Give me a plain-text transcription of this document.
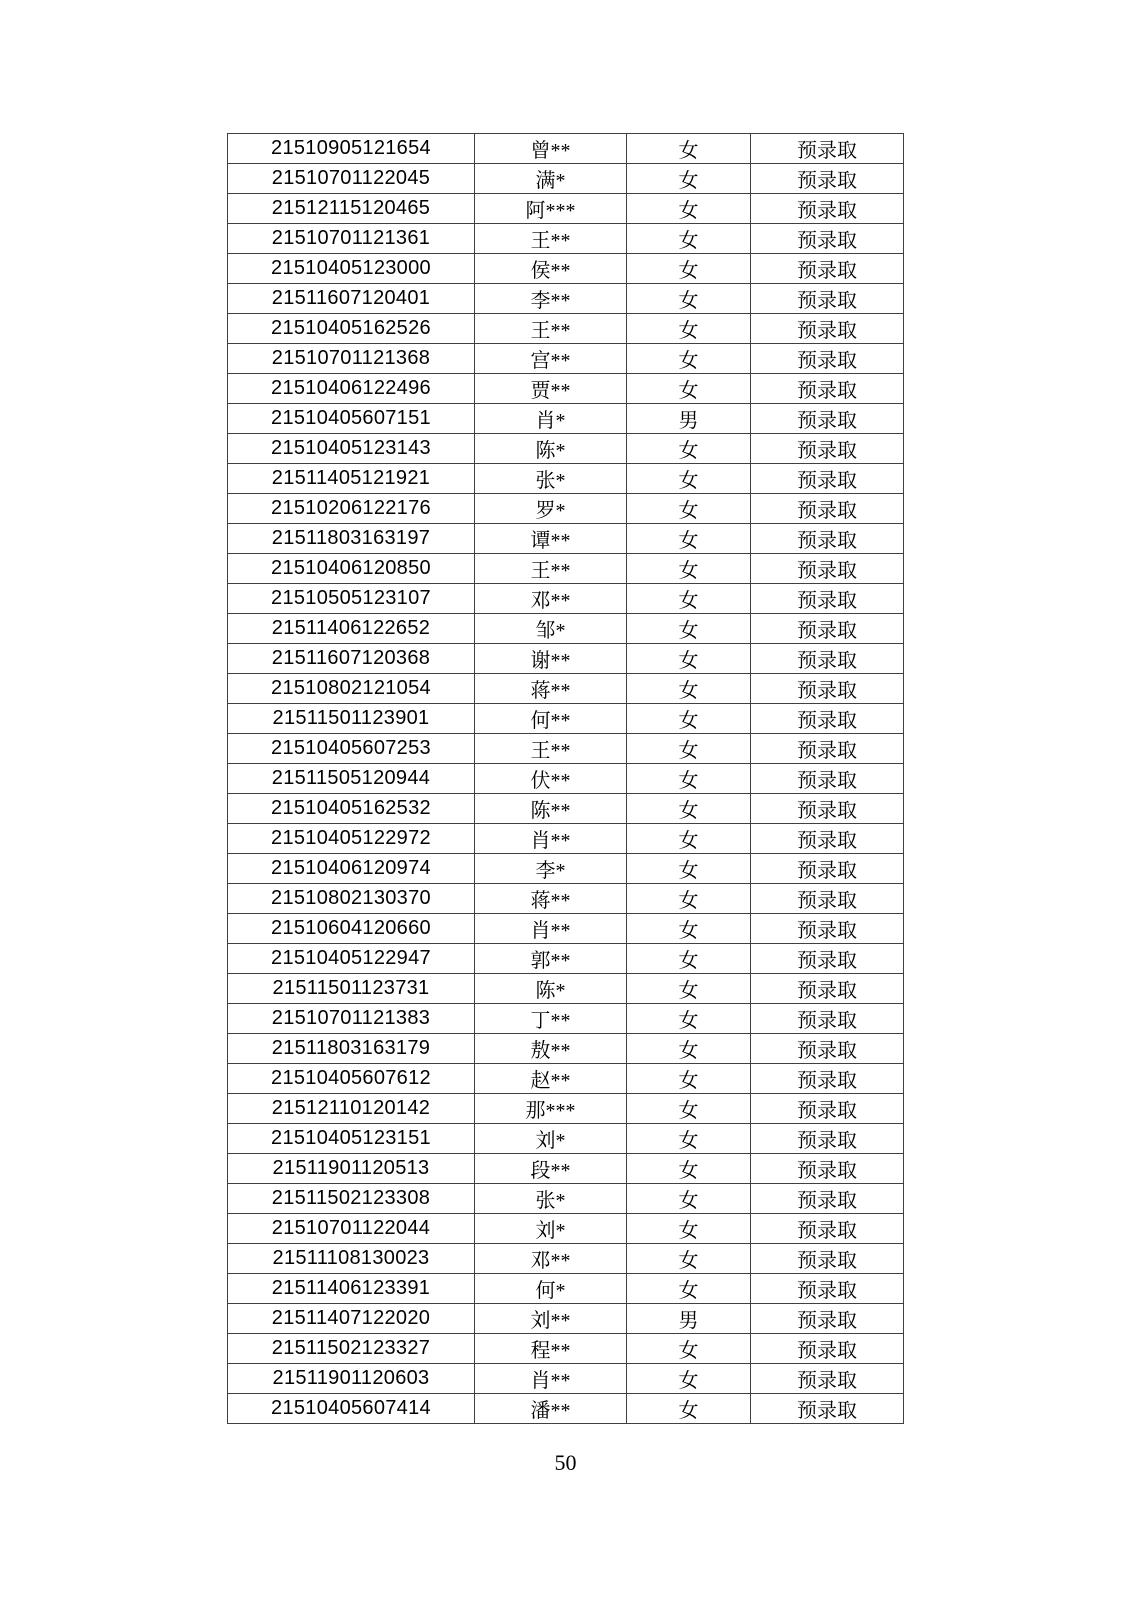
21510905121654	曾**	女	预录取
21510701122045	满*	女	预录取
21512115120465	阿***	女	预录取
21510701121361	王**	女	预录取
21510405123000	侯**	女	预录取
21511607120401	李**	女	预录取
21510405162526	王**	女	预录取
21510701121368	宫**	女	预录取
21510406122496	贾**	女	预录取
21510405607151	肖*	男	预录取
21510405123143	陈*	女	预录取
21511405121921	张*	女	预录取
21510206122176	罗*	女	预录取
21511803163197	谭**	女	预录取
21510406120850	王**	女	预录取
21510505123107	邓**	女	预录取
21511406122652	邹*	女	预录取
21511607120368	谢**	女	预录取
21510802121054	蒋**	女	预录取
21511501123901	何**	女	预录取
21510405607253	王**	女	预录取
21511505120944	伏**	女	预录取
21510405162532	陈**	女	预录取
21510405122972	肖**	女	预录取
21510406120974	李*	女	预录取
21510802130370	蒋**	女	预录取
21510604120660	肖**	女	预录取
21510405122947	郭**	女	预录取
21511501123731	陈*	女	预录取
21510701121383	丁**	女	预录取
21511803163179	敖**	女	预录取
21510405607612	赵**	女	预录取
21512110120142	那***	女	预录取
21510405123151	刘*	女	预录取
21511901120513	段**	女	预录取
21511502123308	张*	女	预录取
21510701122044	刘*	女	预录取
21511108130023	邓**	女	预录取
21511406123391	何*	女	预录取
21511407122020	刘**	男	预录取
21511502123327	程**	女	预录取
21511901120603	肖**	女	预录取
21510405607414	潘**	女	预录取
50
